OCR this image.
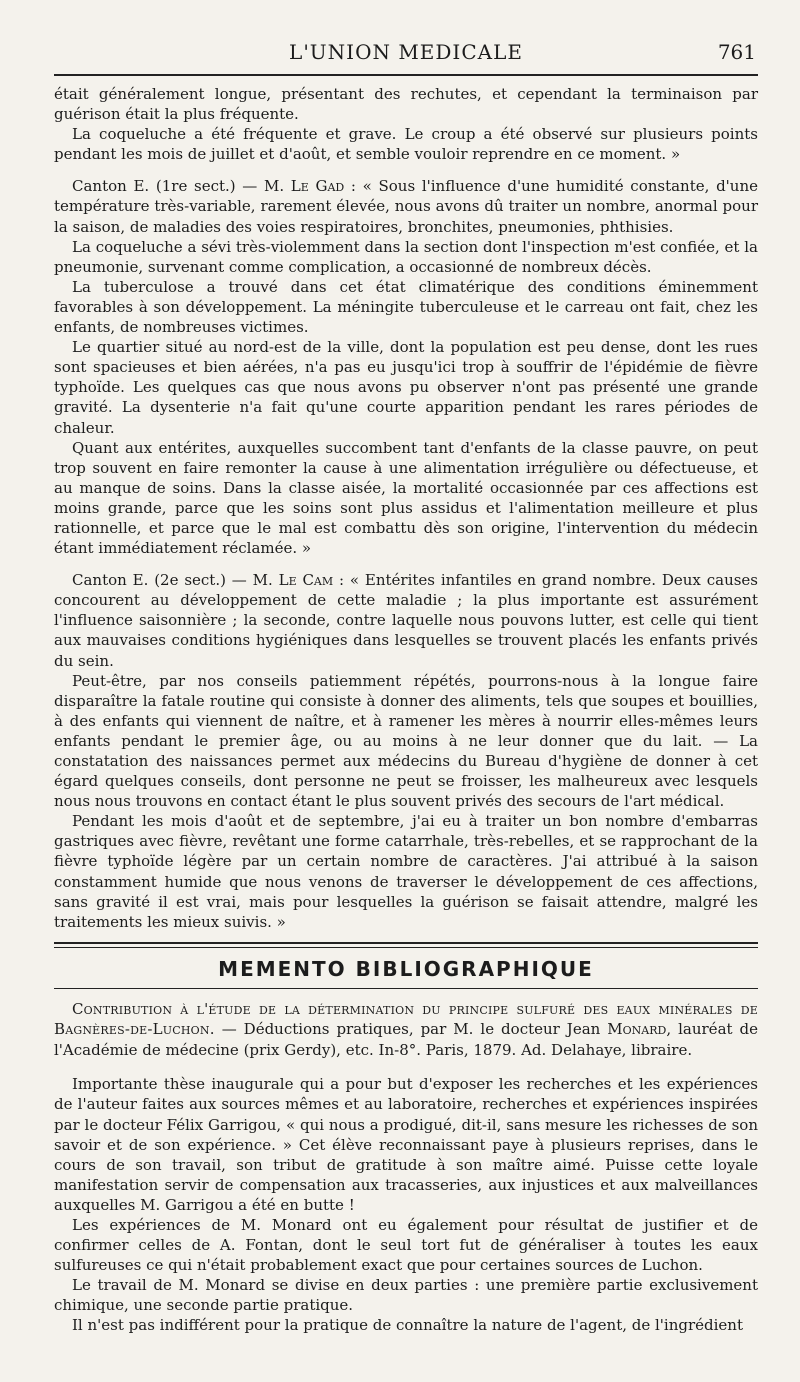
L'UNION MEDICALE	761

était généralement longue, présentant des rechutes, et cependant la terminaison par guérison était la plus fréquente.

La coqueluche a été fréquente et grave. Le croup a été observé sur plusieurs points pendant les mois de juillet et d'août, et semble vouloir reprendre en ce moment. »

Canton E. (1re sect.) — M. Le Gad : « Sous l'influence d'une humidité constante, d'une température très-variable, rarement élevée, nous avons dû traiter un nombre, anormal pour la saison, de maladies des voies respiratoires, bronchites, pneumonies, phthisies.

La coqueluche a sévi très-violemment dans la section dont l'inspection m'est confiée, et la pneumonie, survenant comme complication, a occasionné de nombreux décès.

La tuberculose a trouvé dans cet état climatérique des conditions éminemment favorables à son développement. La méningite tuberculeuse et le carreau ont fait, chez les enfants, de nombreuses victimes.

Le quartier situé au nord-est de la ville, dont la population est peu dense, dont les rues sont spacieuses et bien aérées, n'a pas eu jusqu'ici trop à souffrir de l'épidémie de fièvre typhoïde. Les quelques cas que nous avons pu observer n'ont pas présenté une grande gravité. La dysenterie n'a fait qu'une courte apparition pendant les rares périodes de chaleur.

Quant aux entérites, auxquelles succombent tant d'enfants de la classe pauvre, on peut trop souvent en faire remonter la cause à une alimentation irrégulière ou défectueuse, et au manque de soins. Dans la classe aisée, la mortalité occasionnée par ces affections est moins grande, parce que les soins sont plus assidus et l'alimentation meilleure et plus rationnelle, et parce que le mal est combattu dès son origine, l'intervention du médecin étant immédiatement réclamée. »

Canton E. (2e sect.) — M. Le Cam : « Entérites infantiles en grand nombre. Deux causes concourent au développement de cette maladie ; la plus importante est assurément l'influence saisonnière ; la seconde, contre laquelle nous pouvons lutter, est celle qui tient aux mauvaises conditions hygiéniques dans lesquelles se trouvent placés les enfants privés du sein.

Peut-être, par nos conseils patiemment répétés, pourrons-nous à la longue faire disparaître la fatale routine qui consiste à donner des aliments, tels que soupes et bouillies, à des enfants qui viennent de naître, et à ramener les mères à nourrir elles-mêmes leurs enfants pendant le premier âge, ou au moins à ne leur donner que du lait. — La constatation des naissances permet aux médecins du Bureau d'hygiène de donner à cet égard quelques conseils, dont personne ne peut se froisser, les malheureux avec lesquels nous nous trouvons en contact étant le plus souvent privés des secours de l'art médical.

Pendant les mois d'août et de septembre, j'ai eu à traiter un bon nombre d'embarras gastriques avec fièvre, revêtant une forme catarrhale, très-rebelles, et se rapprochant de la fièvre typhoïde légère par un certain nombre de caractères. J'ai attribué à la saison constamment humide que nous venons de traverser le développement de ces affections, sans gravité il est vrai, mais pour lesquelles la guérison se faisait attendre, malgré les traitements les mieux suivis. »

MEMENTO BIBLIOGRAPHIQUE

Contribution à l'étude de la détermination du principe sulfuré des eaux minérales de Bagnères-de-Luchon. — Déductions pratiques, par M. le docteur Jean Monard, lauréat de l'Académie de médecine (prix Gerdy), etc. In-8°. Paris, 1879. Ad. Delahaye, libraire.

Importante thèse inaugurale qui a pour but d'exposer les recherches et les expériences de l'auteur faites aux sources mêmes et au laboratoire, recherches et expériences inspirées par le docteur Félix Garrigou, « qui nous a prodigué, dit-il, sans mesure les richesses de son savoir et de son expérience. » Cet élève reconnaissant paye à plusieurs reprises, dans le cours de son travail, son tribut de gratitude à son maître aimé. Puisse cette loyale manifestation servir de compensation aux tracasseries, aux injustices et aux malveillances auxquelles M. Garrigou a été en butte !

Les expériences de M. Monard ont eu également pour résultat de justifier et de confirmer celles de A. Fontan, dont le seul tort fut de généraliser à toutes les eaux sulfureuses ce qui n'était probablement exact que pour certaines sources de Luchon.

Le travail de M. Monard se divise en deux parties : une première partie exclusivement chimique, une seconde partie pratique.

Il n'est pas indifférent pour la pratique de connaître la nature de l'agent, de l'ingrédient
